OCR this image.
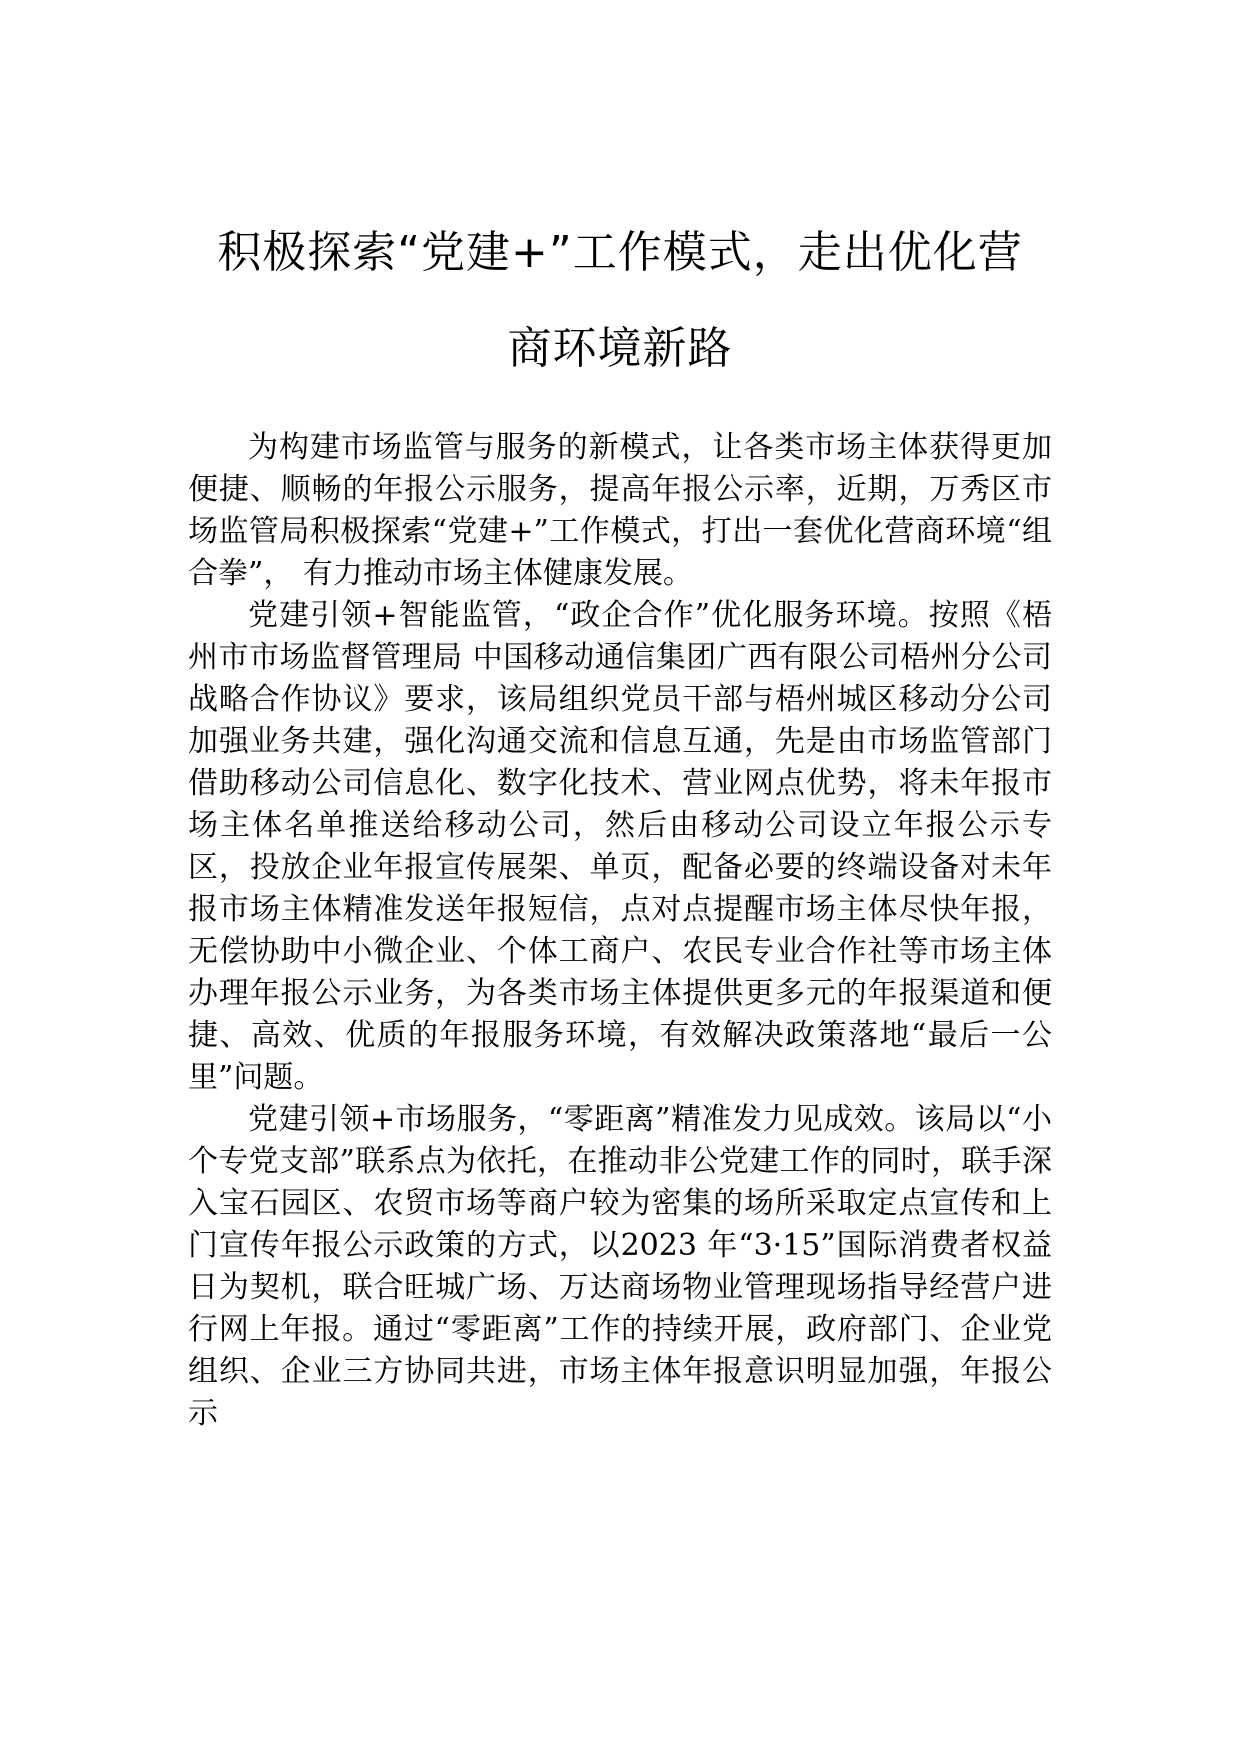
积极探索“党建+”工作模式，走出优化营
商环境新路

为构建市场监管与服务的新模式，让各类市场主体获得更加便捷、顺畅的年报公示服务，提高年报公示率，近期，万秀区市场监管局积极探索“党建+”工作模式，打出一套优化营商环境“组合拳”， 有力推动市场主体健康发展。

党建引领+智能监管，“政企合作”优化服务环境。按照《梧州市市场监督管理局 中国移动通信集团广西有限公司梧州分公司战略合作协议》要求，该局组织党员干部与梧州城区移动分公司加强业务共建，强化沟通交流和信息互通，先是由市场监管部门借助移动公司信息化、数字化技术、营业网点优势，将未年报市场主体名单推送给移动公司，然后由移动公司设立年报公示专区，投放企业年报宣传展架、单页，配备必要的终端设备对未年报市场主体精准发送年报短信，点对点提醒市场主体尽快年报，无偿协助中小微企业、个体工商户、农民专业合作社等市场主体办理年报公示业务，为各类市场主体提供更多元的年报渠道和便捷、高效、优质的年报服务环境，有效解决政策落地“最后一公里”问题。

党建引领+市场服务，“零距离”精准发力见成效。该局以“小个专党支部”联系点为依托，在推动非公党建工作的同时，联手深入宝石园区、农贸市场等商户较为密集的场所采取定点宣传和上门宣传年报公示政策的方式，以2023 年“3·15”国际消费者权益日为契机，联合旺城广场、万达商场物业管理现场指导经营户进行网上年报。通过“零距离”工作的持续开展，政府部门、企业党组织、企业三方协同共进，市场主体年报意识明显加强，年报公示
